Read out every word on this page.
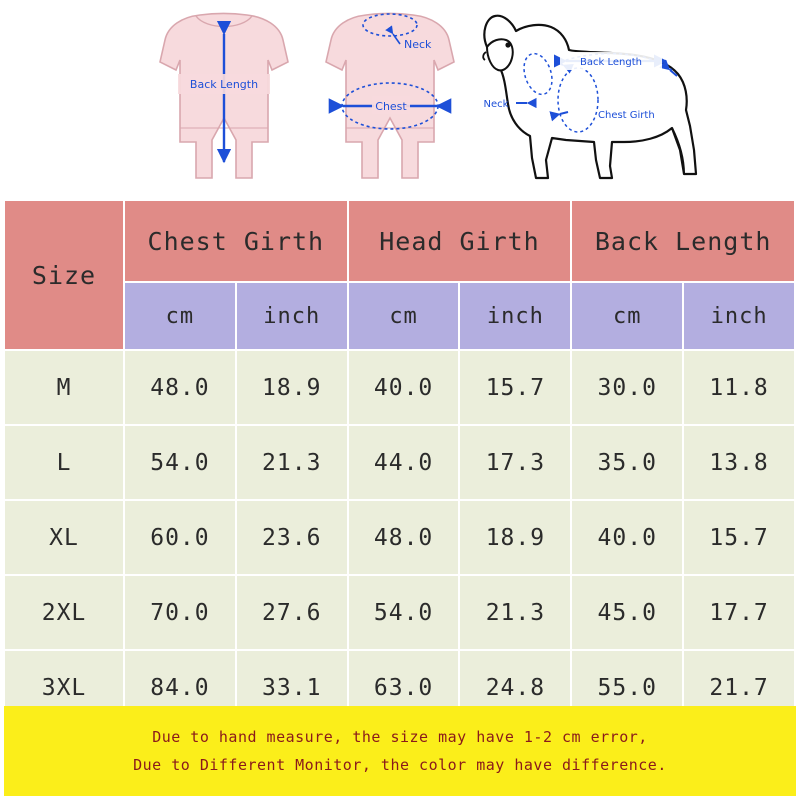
Back Length
Neck
Chest
Back Length
Neck
Chest Girth
Size	Chest Girth		Head Girth		Back Length	
	cm	inch	cm	inch	cm	inch
M	48.0	18.9	40.0	15.7	30.0	11.8
L	54.0	21.3	44.0	17.3	35.0	13.8
XL	60.0	23.6	48.0	18.9	40.0	15.7
2XL	70.0	27.6	54.0	21.3	45.0	17.7
3XL	84.0	33.1	63.0	24.8	55.0	21.7
Due to hand measure, the size may have 1-2 cm error,
Due to Different Monitor, the color may have difference.
